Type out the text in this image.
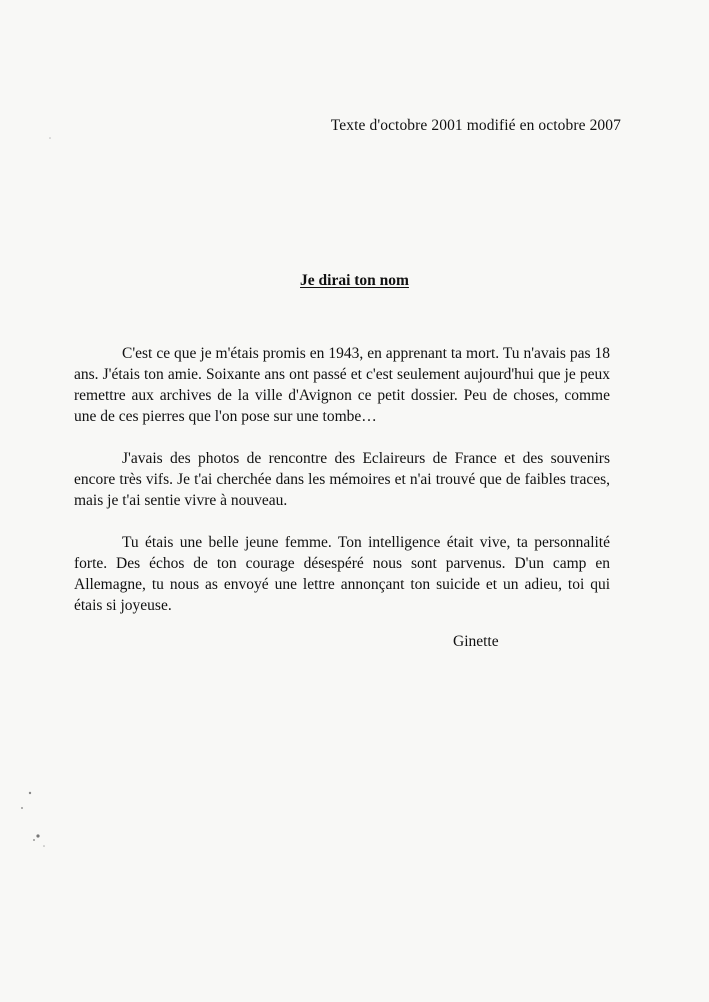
Texte d'octobre 2001 modifié en octobre 2007
Je dirai ton nom

C'est ce que je m'étais promis en 1943, en apprenant ta mort. Tu n'avais pas 18 ans. J'étais ton amie. Soixante ans ont passé et c'est seulement aujourd'hui que je peux remettre aux archives de la ville d'Avignon ce petit dossier. Peu de choses, comme une de ces pierres que l'on pose sur une tombe…

J'avais des photos de rencontre des Eclaireurs de France et des souvenirs encore très vifs. Je t'ai cherchée dans les mémoires et n'ai trouvé que de faibles traces, mais je t'ai sentie vivre à nouveau.

Tu étais une belle jeune femme. Ton intelligence était vive, ta personnalité forte. Des échos de ton courage désespéré nous sont parvenus. D'un camp en Allemagne, tu nous as envoyé une lettre annonçant ton suicide et un adieu, toi qui étais si joyeuse.

Ginette
